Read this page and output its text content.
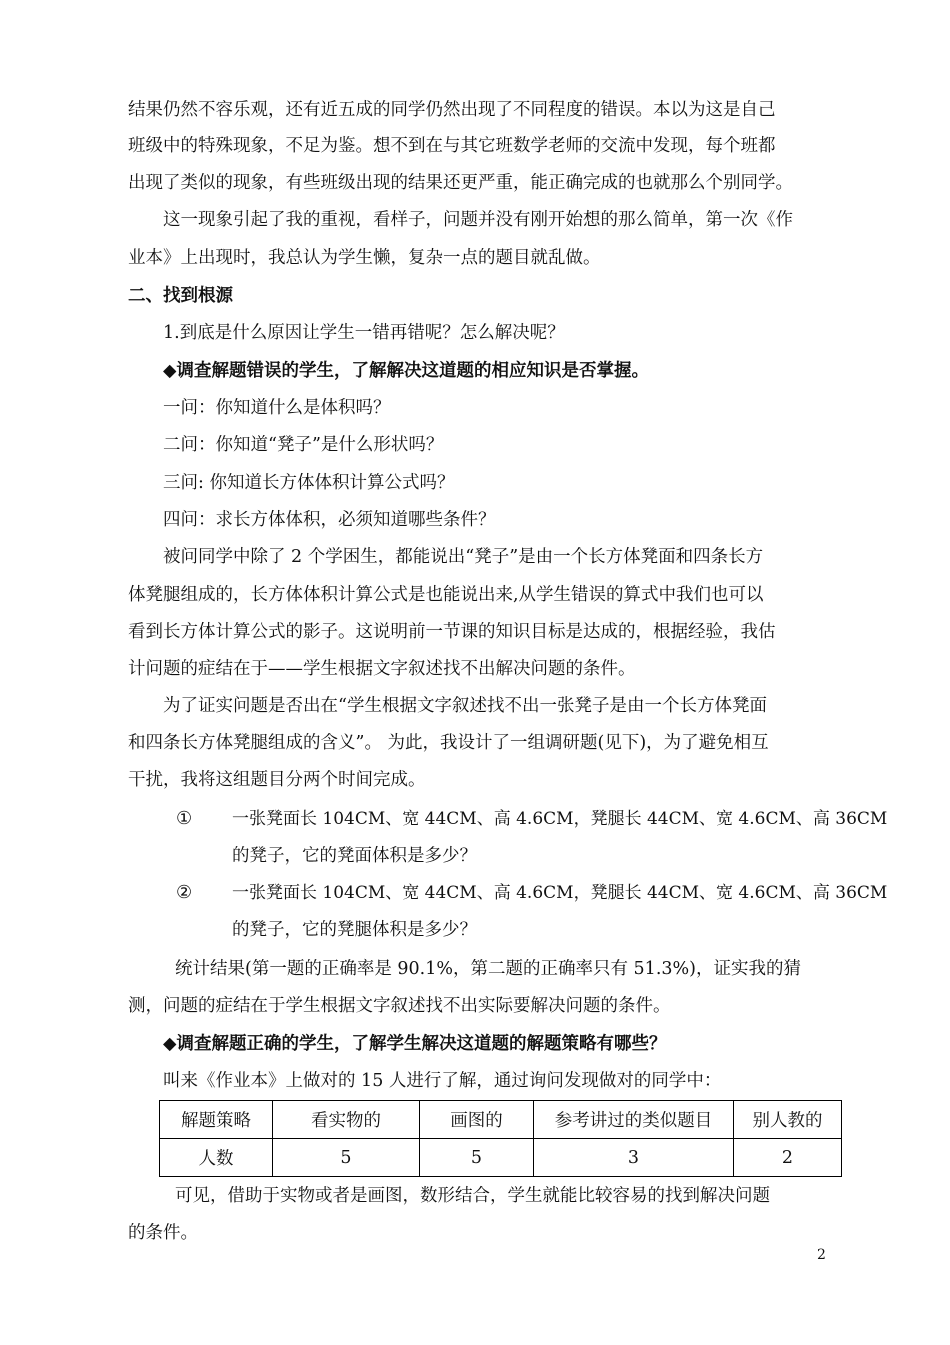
结果仍然不容乐观，还有近五成的同学仍然出现了不同程度的错误。本以为这是自己
班级中的特殊现象，不足为鉴。想不到在与其它班数学老师的交流中发现，每个班都
出现了类似的现象，有些班级出现的结果还更严重，能正确完成的也就那么个别同学。
这一现象引起了我的重视，看样子，问题并没有刚开始想的那么简单，第一次《作
业本》上出现时，我总认为学生懒，复杂一点的题目就乱做。
二、找到根源
1.到底是什么原因让学生一错再错呢？怎么解决呢？
◆调查解题错误的学生，了解解决这道题的相应知识是否掌握。
一问：你知道什么是体积吗？
二问：你知道“凳子”是什么形状吗？
三问: 你知道长方体体积计算公式吗？
四问：求长方体体积，必须知道哪些条件？
被问同学中除了 2 个学困生，都能说出“凳子”是由一个长方体凳面和四条长方
体凳腿组成的，长方体体积计算公式是也能说出来,从学生错误的算式中我们也可以
看到长方体计算公式的影子。这说明前一节课的知识目标是达成的，根据经验，我估
计问题的症结在于——学生根据文字叙述找不出解决问题的条件。
为了证实问题是否出在“学生根据文字叙述找不出一张凳子是由一个长方体凳面
和四条长方体凳腿组成的含义”。 为此，我设计了一组调研题(见下)，为了避免相互
干扰，我将这组题目分两个时间完成。
① 一张凳面长 104CM、宽 44CM、高 4.6CM，凳腿长 44CM、宽 4.6CM、高 36CM
的凳子，它的凳面体积是多少？
② 一张凳面长 104CM、宽 44CM、高 4.6CM，凳腿长 44CM、宽 4.6CM、高 36CM
的凳子，它的凳腿体积是多少？
统计结果(第一题的正确率是 90.1%，第二题的正确率只有 51.3%)，证实我的猜
测，问题的症结在于学生根据文字叙述找不出实际要解决问题的条件。
◆调查解题正确的学生，了解学生解决这道题的解题策略有哪些？
叫来《作业本》上做对的 15 人进行了解，通过询问发现做对的同学中：
解题策略	看实物的	画图的	参考讲过的类似题目	别人教的
人数	5	5	3	2
可见，借助于实物或者是画图，数形结合，学生就能比较容易的找到解决问题
的条件。
2
